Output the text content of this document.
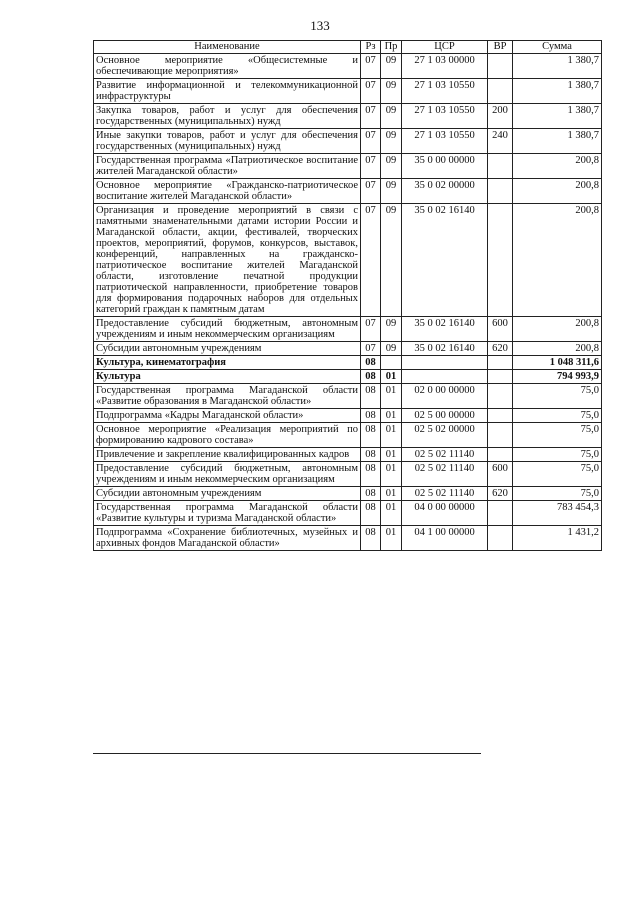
133
Наименование	Рз	Пр	ЦСР	ВР	Сумма
Основное мероприятие «Общесистемные и обеспечивающие мероприятия»	07	09	27 1 03 00000		1 380,7
Развитие информационной и телекоммуникационной инфраструктуры	07	09	27 1 03 10550		1 380,7
Закупка товаров, работ и услуг для обеспечения государственных (муниципальных) нужд	07	09	27 1 03 10550	200	1 380,7
Иные закупки товаров, работ и услуг для обеспечения государственных (муниципальных) нужд	07	09	27 1 03 10550	240	1 380,7
Государственная программа «Патриотическое воспитание жителей Магаданской области»	07	09	35 0 00 00000		200,8
Основное мероприятие «Гражданско-патриотическое воспитание жителей Магаданской области»	07	09	35 0 02 00000		200,8
Организация и проведение мероприятий в связи с памятными знаменательными датами истории России и Магаданской области, акции, фестивалей, творческих проектов, мероприятий, форумов, конкурсов, выставок, конференций, направленных на гражданско-патриотическое воспитание жителей Магаданской области, изготовление печатной продукции патриотической направленности, приобретение товаров для формирования подарочных наборов для отдельных категорий граждан к памятным датам	07	09	35 0 02 16140		200,8
Предоставление субсидий бюджетным, автономным учреждениям и иным некоммерческим организациям	07	09	35 0 02 16140	600	200,8
Субсидии автономным учреждениям	07	09	35 0 02 16140	620	200,8
Культура, кинематография	08				1 048 311,6
Культура	08	01			794 993,9
Государственная программа Магаданской области «Развитие образования в Магаданской области»	08	01	02 0 00 00000		75,0
Подпрограмма «Кадры Магаданской области»	08	01	02 5 00 00000		75,0
Основное мероприятие «Реализация мероприятий по формированию кадрового состава»	08	01	02 5 02 00000		75,0
Привлечение и закрепление квалифицированных кадров	08	01	02 5 02 11140		75,0
Предоставление субсидий бюджетным, автономным учреждениям и иным некоммерческим организациям	08	01	02 5 02 11140	600	75,0
Субсидии автономным учреждениям	08	01	02 5 02 11140	620	75,0
Государственная программа Магаданской области «Развитие культуры и туризма Магаданской области»	08	01	04 0 00 00000		783 454,3
Подпрограмма «Сохранение библиотечных, музейных и архивных фондов Магаданской области»	08	01	04 1 00 00000		1 431,2
